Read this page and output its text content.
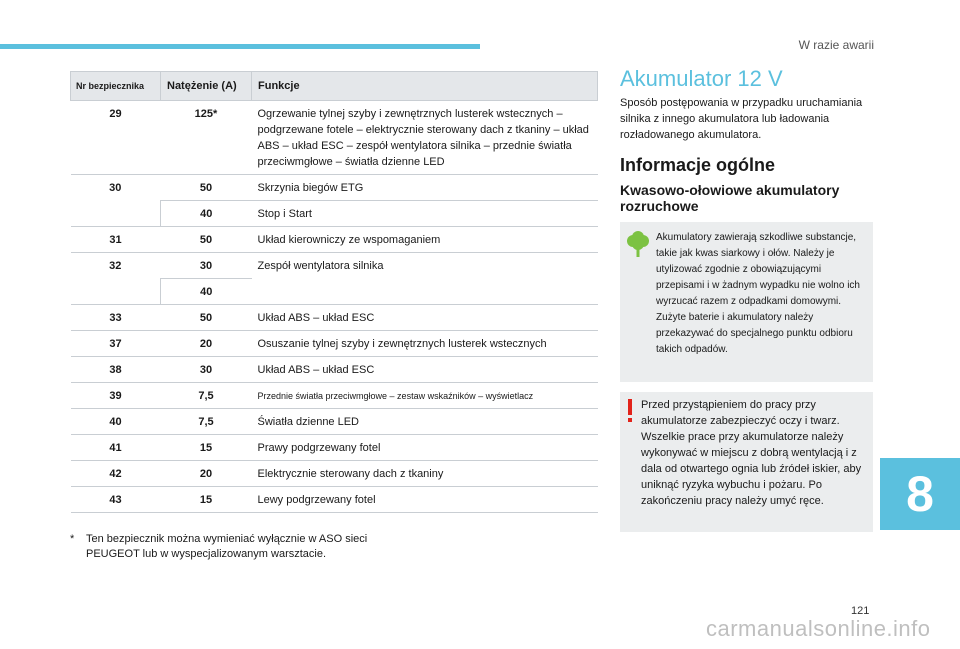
W razie awarii
Nr bezpiecznika	Natężenie (A)	Funkcje
29	125*	Ogrzewanie tylnej szyby i zewnętrznych lusterek wstecznych – podgrzewane fotele – elektrycznie sterowany dach z tkaniny – układ ABS – układ ESC – zespół wentylatora silnika – przednie światła przeciwmgłowe – światła dzienne LED
30	50	Skrzynia biegów ETG
	40	Stop i Start
31	50	Układ kierowniczy ze wspomaganiem
32	30	Zespół wentylatora silnika
	40	
33	50	Układ ABS – układ ESC
37	20	Osuszanie tylnej szyby i zewnętrznych lusterek wstecznych
38	30	Układ ABS – układ ESC
39	7,5	Przednie światła przeciwmgłowe – zestaw wskaźników – wyświetlacz
40	7,5	Światła dzienne LED
41	15	Prawy podgrzewany fotel
42	20	Elektrycznie sterowany dach z tkaniny
43	15	Lewy podgrzewany fotel
* Ten bezpiecznik można wymieniać wyłącznie w ASO sieci PEUGEOT lub w wyspecjalizowanym warsztacie.
Akumulator 12 V

Sposób postępowania w przypadku uruchamiania silnika z innego akumulatora lub ładowania rozładowanego akumulatora.

Informacje ogólne
Kwasowo-ołowiowe akumulatory rozruchowe

Akumulatory zawierają szkodliwe substancje, takie jak kwas siarkowy i ołów. Należy je utylizować zgodnie z obowiązującymi przepisami i w żadnym wypadku nie wolno ich wyrzucać razem z odpadkami domowymi. Zużyte baterie i akumulatory należy przekazywać do specjalnego punktu odbioru takich odpadów.

Przed przystąpieniem do pracy przy akumulatorze zabezpieczyć oczy i twarz. Wszelkie prace przy akumulatorze należy wykonywać w miejscu z dobrą wentylacją i z dala od otwartego ognia lub źródeł iskier, aby uniknąć ryzyka wybuchu i pożaru. Po zakończeniu pracy należy umyć ręce.	8
121
carmanualsonline.info
